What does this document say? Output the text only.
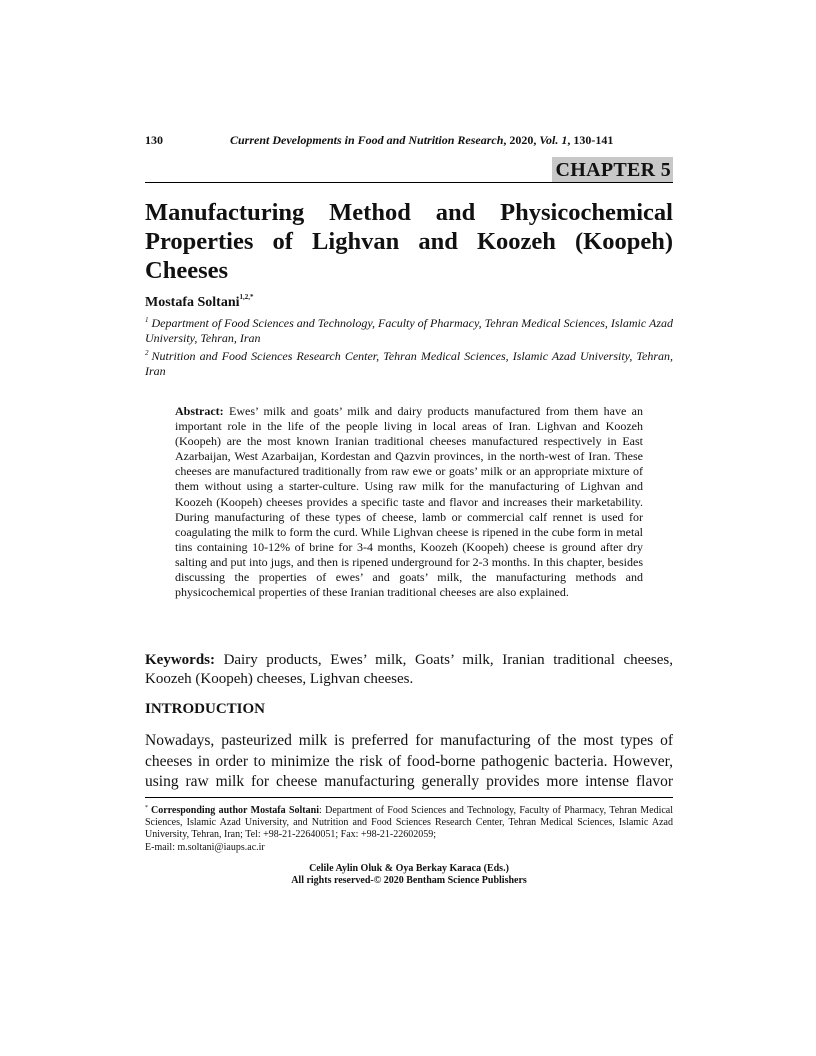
130	Current Developments in Food and Nutrition Research, 2020, Vol. 1, 130-141
CHAPTER 5
Manufacturing Method and Physicochemical Properties of Lighvan and Koozeh (Koopeh) Cheeses
Mostafa Soltani$^{1,2,*}$
$^1$ Department of Food Sciences and Technology, Faculty of Pharmacy, Tehran Medical Sciences, Islamic Azad University, Tehran, Iran
$^2$ Nutrition and Food Sciences Research Center, Tehran Medical Sciences, Islamic Azad University, Tehran, Iran
Abstract: Ewes’ milk and goats’ milk and dairy products manufactured from them have an important role in the life of the people living in local areas of Iran. Lighvan and Koozeh (Koopeh) are the most known Iranian traditional cheeses manufactured respectively in East Azarbaijan, West Azarbaijan, Kordestan and Qazvin provinces, in the north-west of Iran. These cheeses are manufactured traditionally from raw ewe or goats’ milk or an appropriate mixture of them without using a starter-culture. Using raw milk for the manufacturing of Lighvan and Koozeh (Koopeh) cheeses provides a specific taste and flavor and increases their marketability. During manufacturing of these types of cheese, lamb or commercial calf rennet is used for coagulating the milk to form the curd. While Lighvan cheese is ripened in the cube form in metal tins containing 10-12% of brine for 3-4 months, Koozeh (Koopeh) cheese is ground after dry salting and put into jugs, and then is ripened underground for 2-3 months. In this chapter, besides discussing the properties of ewes’ and goats’ milk, the manufacturing methods and physicochemical properties of these Iranian traditional cheeses are also explained.
Keywords: Dairy products, Ewes’ milk, Goats’ milk, Iranian traditional cheeses, Koozeh (Koopeh) cheeses, Lighvan cheeses.
INTRODUCTION
Nowadays, pasteurized milk is preferred for manufacturing of the most types of cheeses in order to minimize the risk of food-borne pathogenic bacteria. However, using raw milk for cheese manufacturing generally provides more intense flavor
* Corresponding author Mostafa Soltani: Department of Food Sciences and Technology, Faculty of Pharmacy, Tehran Medical Sciences, Islamic Azad University, and Nutrition and Food Sciences Research Center, Tehran Medical Sciences, Islamic Azad University, Tehran, Iran; Tel: +98-21-22640051; Fax: +98-21-22602059;
E-mail: m.soltani@iaups.ac.ir
Celile Aylin Oluk & Oya Berkay Karaca (Eds.)
All rights reserved-© 2020 Bentham Science Publishers
